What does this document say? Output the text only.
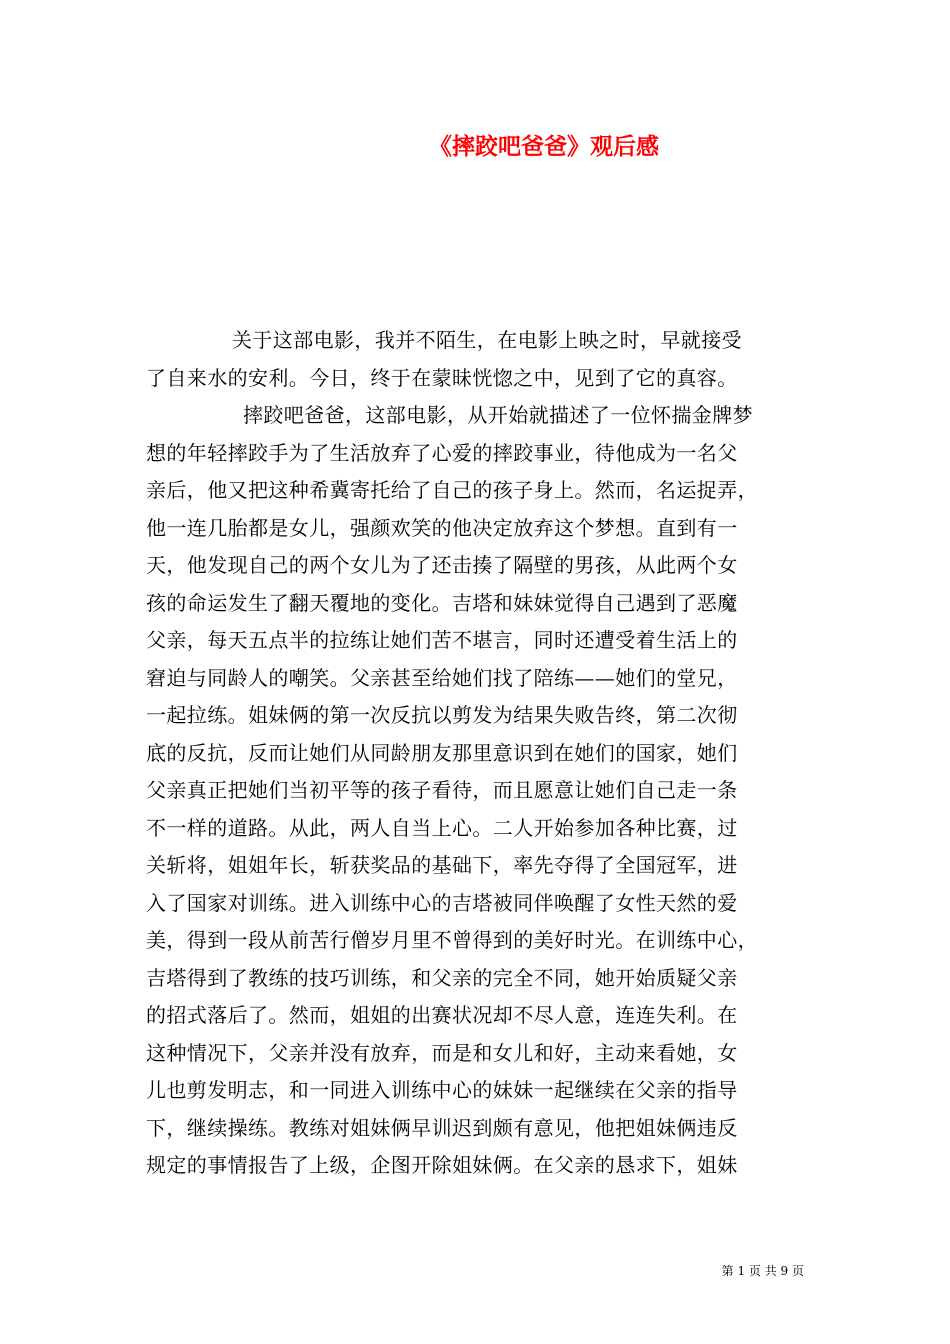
《摔跤吧爸爸》观后感
关于这部电影，我并不陌生，在电影上映之时，早就接受
了自来水的安利。今日，终于在蒙昧恍惚之中，见到了它的真容。
摔跤吧爸爸，这部电影，从开始就描述了一位怀揣金牌梦
想的年轻摔跤手为了生活放弃了心爱的摔跤事业，待他成为一名父
亲后，他又把这种希冀寄托给了自己的孩子身上。然而，名运捉弄，
他一连几胎都是女儿，强颜欢笑的他决定放弃这个梦想。直到有一
天，他发现自己的两个女儿为了还击揍了隔壁的男孩，从此两个女
孩的命运发生了翻天覆地的变化。吉塔和妹妹觉得自己遇到了恶魔
父亲，每天五点半的拉练让她们苦不堪言，同时还遭受着生活上的
窘迫与同龄人的嘲笑。父亲甚至给她们找了陪练——她们的堂兄，
一起拉练。姐妹俩的第一次反抗以剪发为结果失败告终，第二次彻
底的反抗，反而让她们从同龄朋友那里意识到在她们的国家，她们
父亲真正把她们当初平等的孩子看待，而且愿意让她们自己走一条
不一样的道路。从此，两人自当上心。二人开始参加各种比赛，过
关斩将，姐姐年长，斩获奖品的基础下，率先夺得了全国冠军，进
入了国家对训练。进入训练中心的吉塔被同伴唤醒了女性天然的爱
美，得到一段从前苦行僧岁月里不曾得到的美好时光。在训练中心，
吉塔得到了教练的技巧训练，和父亲的完全不同，她开始质疑父亲
的招式落后了。然而，姐姐的出赛状况却不尽人意，连连失利。在
这种情况下，父亲并没有放弃，而是和女儿和好，主动来看她，女
儿也剪发明志，和一同进入训练中心的妹妹一起继续在父亲的指导
下，继续操练。教练对姐妹俩早训迟到颇有意见，他把姐妹俩违反
规定的事情报告了上级，企图开除姐妹俩。在父亲的恳求下，姐妹
第 1 页 共 9 页
